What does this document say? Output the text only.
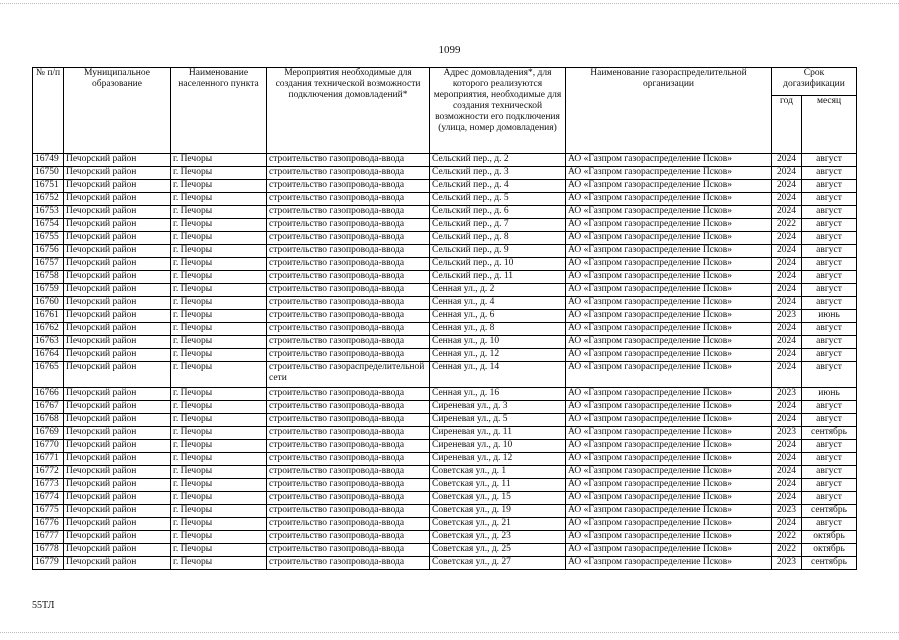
1099
№ п/п	Муниципальное образование	Наименование населенного пункта	Мероприятия необходимые для создания технической возможности подключения домовладений*	Адрес домовладения*, для которого реализуются мероприятия, необходимые для создания технической возможности его подключения (улица, номер домовладения)	Наименование газораспределительной организации	Срок догазификации	
						год	месяц
16749	Печорский район	г. Печоры	строительство газопровода-ввода	Сельский пер., д. 2	АО «Газпром газораспределение Псков»	2024	август
16750	Печорский район	г. Печоры	строительство газопровода-ввода	Сельский пер., д. 3	АО «Газпром газораспределение Псков»	2024	август
16751	Печорский район	г. Печоры	строительство газопровода-ввода	Сельский пер., д. 4	АО «Газпром газораспределение Псков»	2024	август
16752	Печорский район	г. Печоры	строительство газопровода-ввода	Сельский пер., д. 5	АО «Газпром газораспределение Псков»	2024	август
16753	Печорский район	г. Печоры	строительство газопровода-ввода	Сельский пер., д. 6	АО «Газпром газораспределение Псков»	2024	август
16754	Печорский район	г. Печоры	строительство газопровода-ввода	Сельский пер., д. 7	АО «Газпром газораспределение Псков»	2022	август
16755	Печорский район	г. Печоры	строительство газопровода-ввода	Сельский пер., д. 8	АО «Газпром газораспределение Псков»	2024	август
16756	Печорский район	г. Печоры	строительство газопровода-ввода	Сельский пер., д. 9	АО «Газпром газораспределение Псков»	2024	август
16757	Печорский район	г. Печоры	строительство газопровода-ввода	Сельский пер., д. 10	АО «Газпром газораспределение Псков»	2024	август
16758	Печорский район	г. Печоры	строительство газопровода-ввода	Сельский пер., д. 11	АО «Газпром газораспределение Псков»	2024	август
16759	Печорский район	г. Печоры	строительство газопровода-ввода	Сенная ул., д. 2	АО «Газпром газораспределение Псков»	2024	август
16760	Печорский район	г. Печоры	строительство газопровода-ввода	Сенная ул., д. 4	АО «Газпром газораспределение Псков»	2024	август
16761	Печорский район	г. Печоры	строительство газопровода-ввода	Сенная ул., д. 6	АО «Газпром газораспределение Псков»	2023	июнь
16762	Печорский район	г. Печоры	строительство газопровода-ввода	Сенная ул., д. 8	АО «Газпром газораспределение Псков»	2024	август
16763	Печорский район	г. Печоры	строительство газопровода-ввода	Сенная ул., д. 10	АО «Газпром газораспределение Псков»	2024	август
16764	Печорский район	г. Печоры	строительство газопровода-ввода	Сенная ул., д. 12	АО «Газпром газораспределение Псков»	2024	август
16765	Печорский район	г. Печоры	строительство газораспределительной сети	Сенная ул., д. 14	АО «Газпром газораспределение Псков»	2024	август
16766	Печорский район	г. Печоры	строительство газопровода-ввода	Сенная ул., д. 16	АО «Газпром газораспределение Псков»	2023	июнь
16767	Печорский район	г. Печоры	строительство газопровода-ввода	Сиреневая ул., д. 3	АО «Газпром газораспределение Псков»	2024	август
16768	Печорский район	г. Печоры	строительство газопровода-ввода	Сиреневая ул., д. 5	АО «Газпром газораспределение Псков»	2024	август
16769	Печорский район	г. Печоры	строительство газопровода-ввода	Сиреневая ул., д. 11	АО «Газпром газораспределение Псков»	2023	сентябрь
16770	Печорский район	г. Печоры	строительство газопровода-ввода	Сиреневая ул., д. 10	АО «Газпром газораспределение Псков»	2024	август
16771	Печорский район	г. Печоры	строительство газопровода-ввода	Сиреневая ул., д. 12	АО «Газпром газораспределение Псков»	2024	август
16772	Печорский район	г. Печоры	строительство газопровода-ввода	Советская ул., д. 1	АО «Газпром газораспределение Псков»	2024	август
16773	Печорский район	г. Печоры	строительство газопровода-ввода	Советская ул., д. 11	АО «Газпром газораспределение Псков»	2024	август
16774	Печорский район	г. Печоры	строительство газопровода-ввода	Советская ул., д. 15	АО «Газпром газораспределение Псков»	2024	август
16775	Печорский район	г. Печоры	строительство газопровода-ввода	Советская ул., д. 19	АО «Газпром газораспределение Псков»	2023	сентябрь
16776	Печорский район	г. Печоры	строительство газопровода-ввода	Советская ул., д. 21	АО «Газпром газораспределение Псков»	2024	август
16777	Печорский район	г. Печоры	строительство газопровода-ввода	Советская ул., д. 23	АО «Газпром газораспределение Псков»	2022	октябрь
16778	Печорский район	г. Печоры	строительство газопровода-ввода	Советская ул., д. 25	АО «Газпром газораспределение Псков»	2022	октябрь
16779	Печорский район	г. Печоры	строительство газопровода-ввода	Советская ул., д. 27	АО «Газпром газораспределение Псков»	2023	сентябрь
55ТЛ
